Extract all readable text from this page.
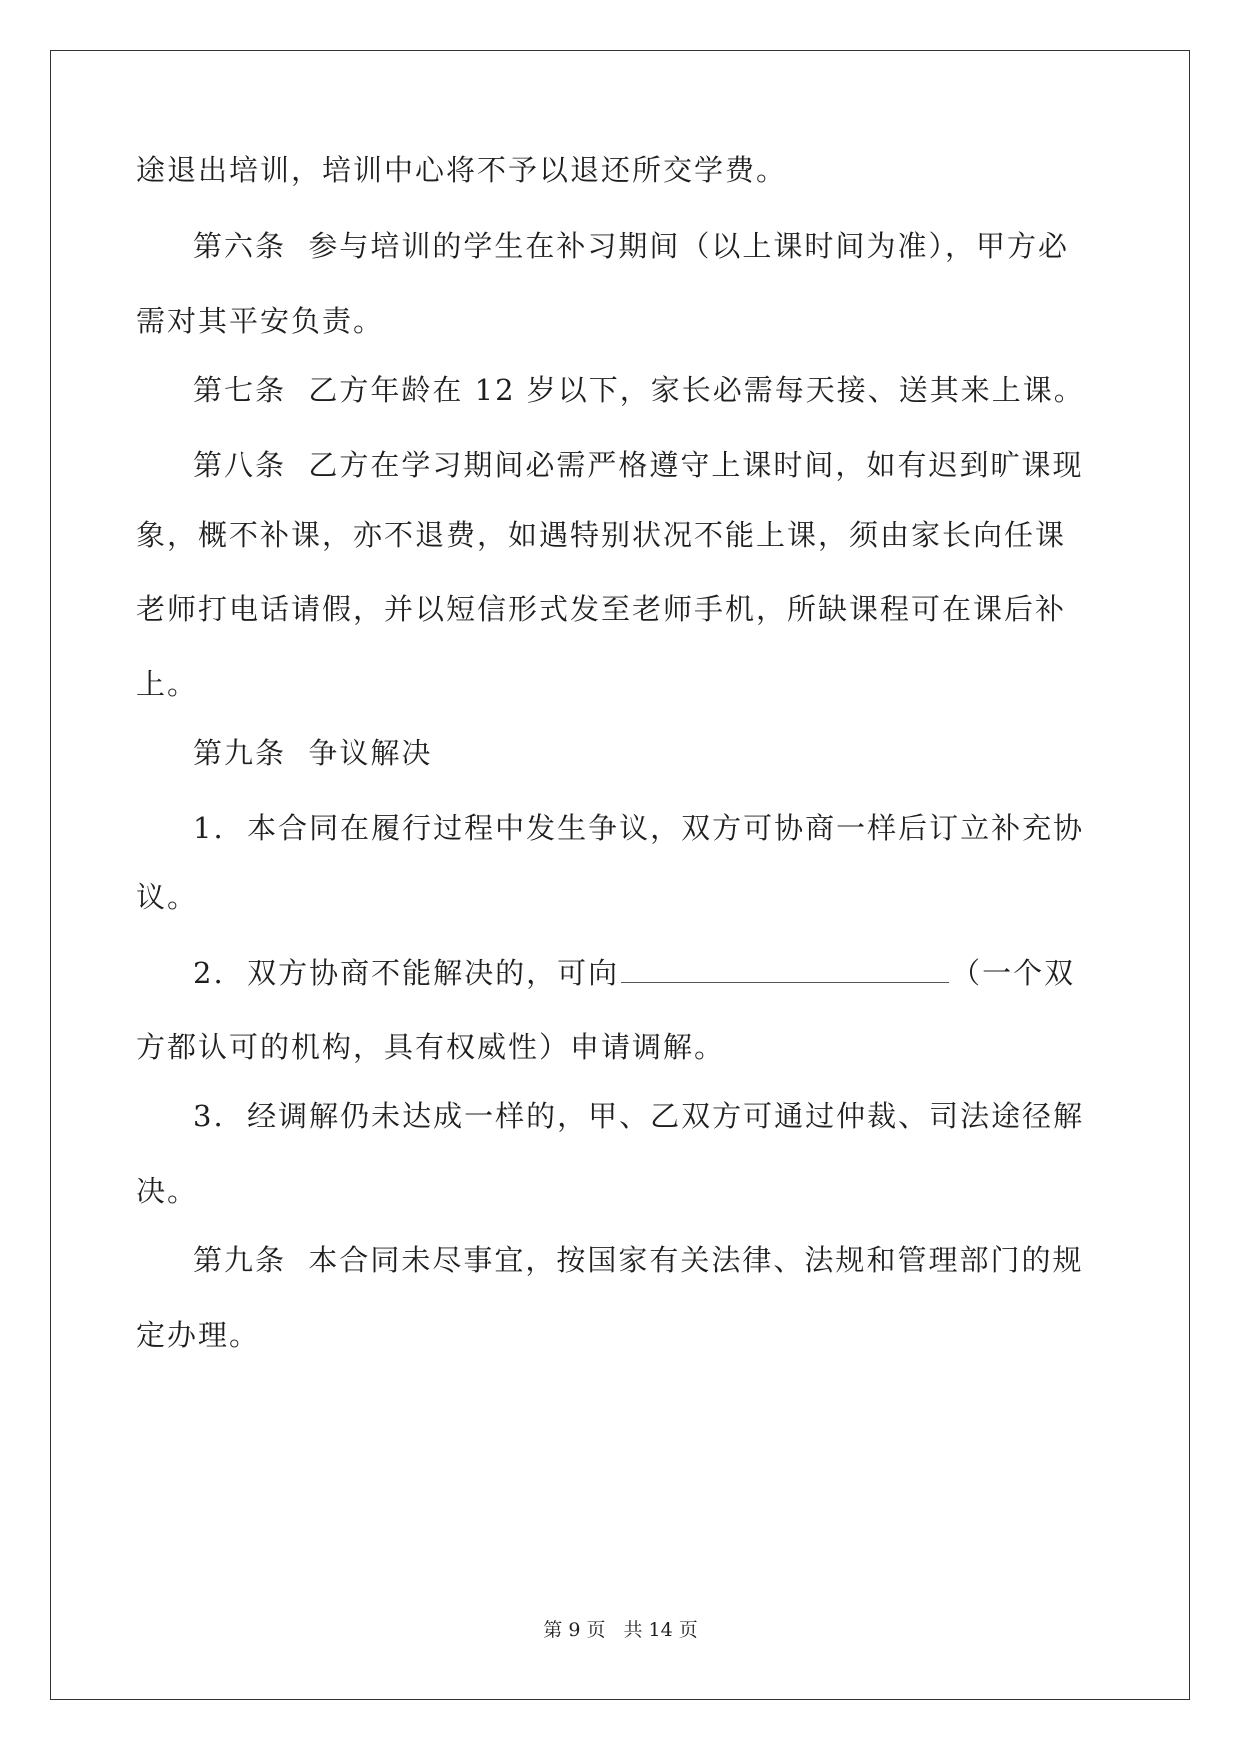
途退出培训，培训中心将不予以退还所交学费。
第六条  参与培训的学生在补习期间（以上课时间为准），甲方必
需对其平安负责。
第七条  乙方年龄在 12 岁以下，家长必需每天接、送其来上课。
第八条  乙方在学习期间必需严格遵守上课时间，如有迟到旷课现
象，概不补课，亦不退费，如遇特别状况不能上课，须由家长向任课
老师打电话请假，并以短信形式发至老师手机，所缺课程可在课后补
上。
第九条  争议解决
1.  本合同在履行过程中发生争议，双方可协商一样后订立补充协
议。
2.  双方协商不能解决的，可向	（一个双
方都认可的机构，具有权威性）申请调解。
3.  经调解仍未达成一样的，甲、乙双方可通过仲裁、司法途径解
决。
第九条  本合同未尽事宜，按国家有关法律、法规和管理部门的规
定办理。
第 9 页 共 14 页
